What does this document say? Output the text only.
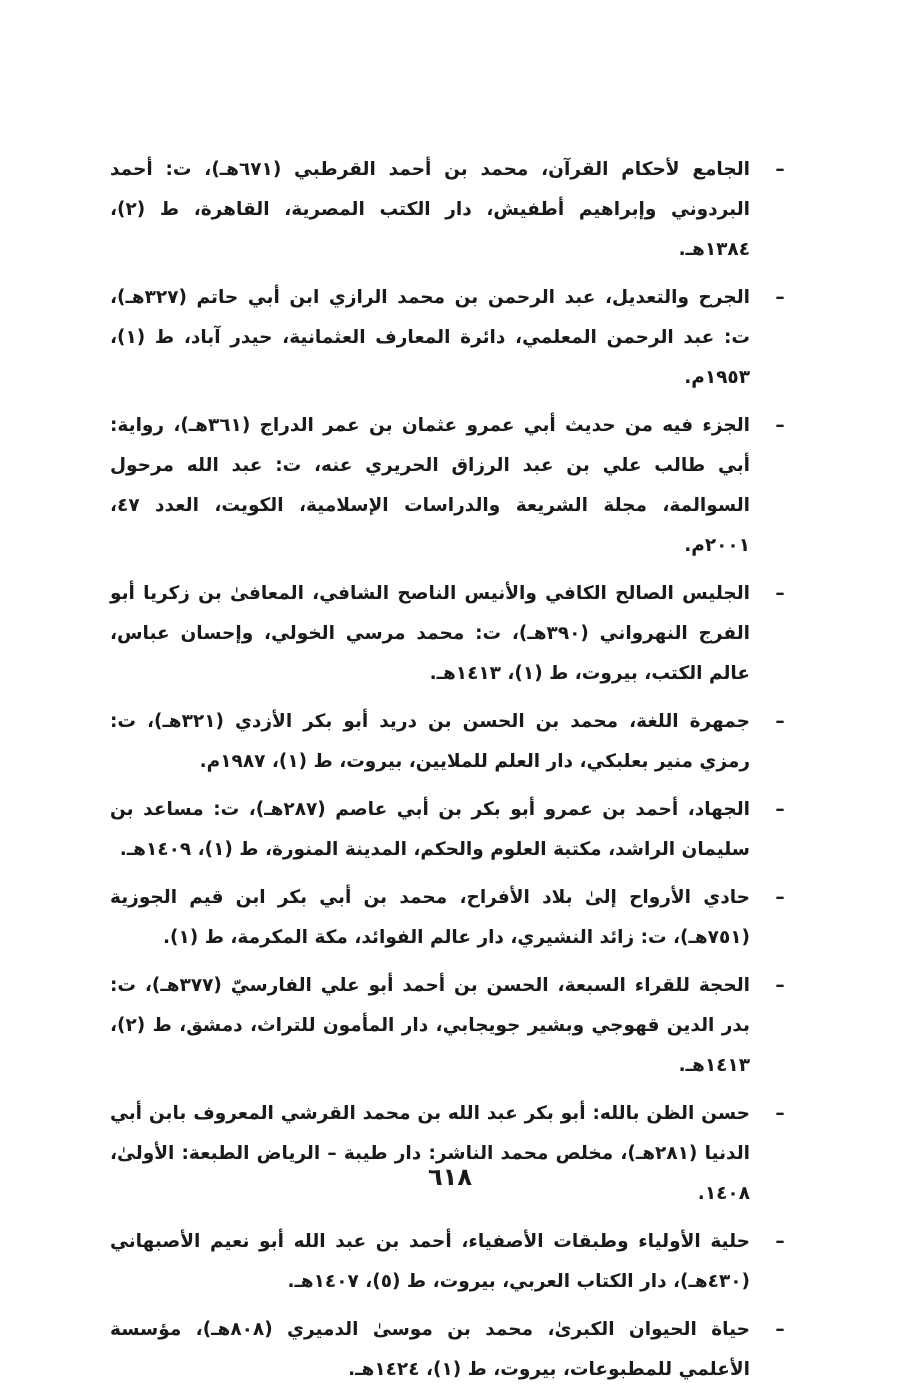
–
الجامع لأحكام القرآن، محمد بن أحمد القرطبي (٦٧١هـ)، ت: أحمد البردوني وإبراهيم أطفيش، دار الكتب المصرية، القاهرة، ط (٢)، ١٣٨٤هـ.
–
الجرح والتعديل، عبد الرحمن بن محمد الرازي ابن أبي حاتم (٣٢٧هـ)، ت: عبد الرحمن المعلمي، دائرة المعارف العثمانية، حيدر آباد، ط (١)، ١٩٥٣م.
–
الجزء فيه من حديث أبي عمرو عثمان بن عمر الدراج (٣٦١هـ)، رواية: أبي طالب علي بن عبد الرزاق الحريري عنه، ت: عبد الله مرحول السوالمة، مجلة الشريعة والدراسات الإسلامية، الكويت، العدد ٤٧، ٢٠٠١م.
–
الجليس الصالح الكافي والأنيس الناصح الشافي، المعافىٰ بن زكريا أبو الفرج النهرواني (٣٩٠هـ)، ت: محمد مرسي الخولي، وإحسان عباس، عالم الكتب، بيروت، ط (١)، ١٤١٣هـ.
–
جمهرة اللغة، محمد بن الحسن بن دريد أبو بكر الأزدي (٣٢١هـ)، ت: رمزي منير بعلبكي، دار العلم للملايين، بيروت، ط (١)، ١٩٨٧م.
–
الجهاد، أحمد بن عمرو أبو بكر بن أبي عاصم (٢٨٧هـ)، ت: مساعد بن سليمان الراشد، مكتبة العلوم والحكم، المدينة المنورة، ط (١)، ١٤٠٩هـ.
–
حادي الأرواح إلىٰ بلاد الأفراح، محمد بن أبي بكر ابن قيم الجوزية (٧٥١هـ)، ت: زائد النشيري، دار عالم الفوائد، مكة المكرمة، ط (١).
–
الحجة للقراء السبعة، الحسن بن أحمد أبو علي الفارسيّ (٣٧٧هـ)، ت: بدر الدين قهوجي وبشير جويجابي، دار المأمون للتراث، دمشق، ط (٢)، ١٤١٣هـ.
–
حسن الظن بالله: أبو بكر عبد الله بن محمد القرشي المعروف بابن أبي الدنيا (٢٨١هـ)، مخلص محمد الناشر: دار طيبة – الرياض الطبعة: الأولىٰ، ١٤٠٨.
–
حلية الأولياء وطبقات الأصفياء، أحمد بن عبد الله أبو نعيم الأصبهاني (٤٣٠هـ)، دار الكتاب العربي، بيروت، ط (٥)، ١٤٠٧هـ.
–
حياة الحيوان الكبرىٰ، محمد بن موسىٰ الدميري (٨٠٨هـ)، مؤسسة الأعلمي للمطبوعات، بيروت، ط (١)، ١٤٢٤هـ.
٦١٨
